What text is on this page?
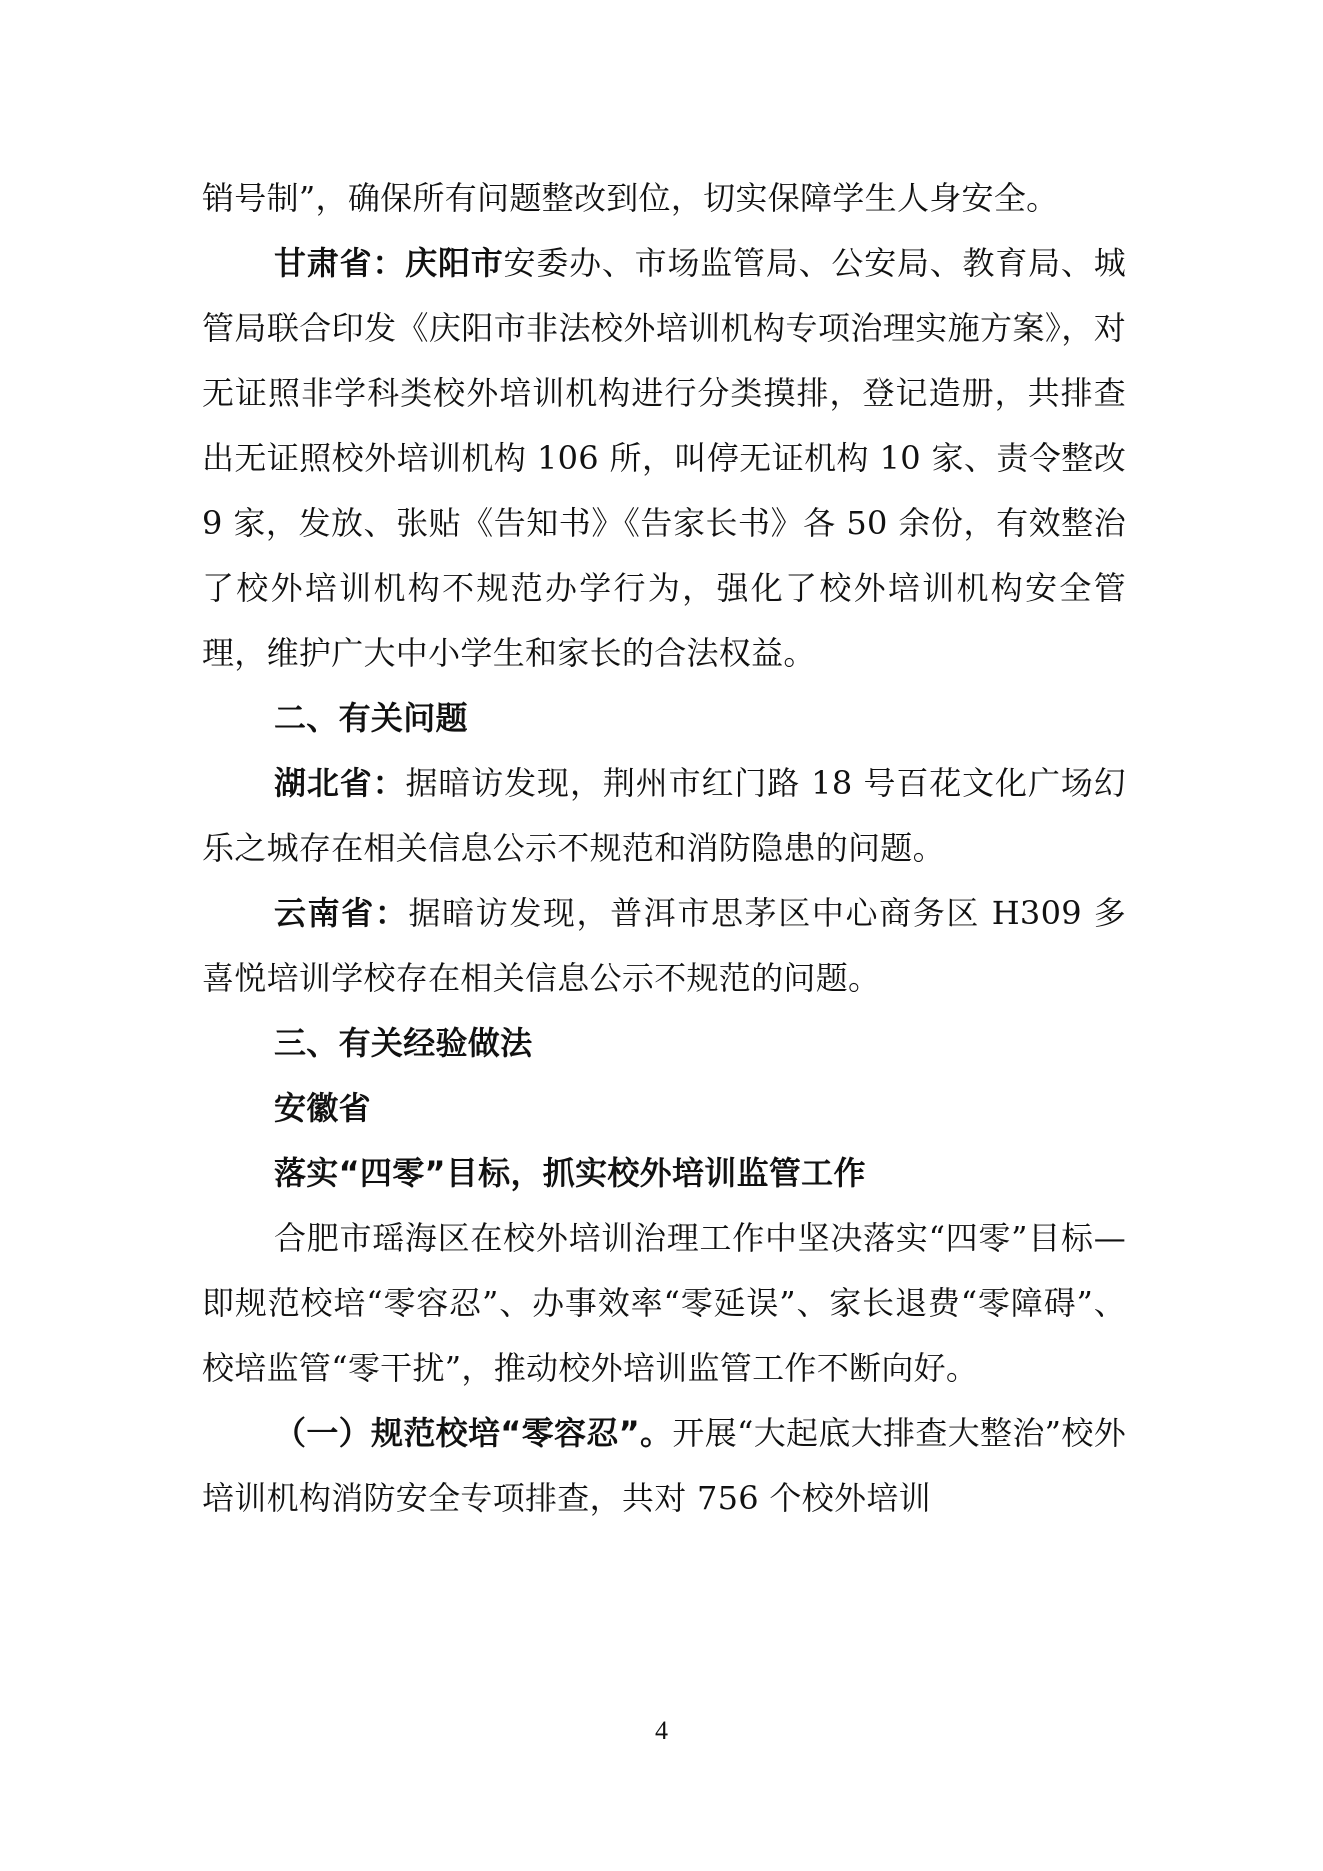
销号制”，确保所有问题整改到位，切实保障学生人身安全。

甘肃省：庆阳市安委办、市场监管局、公安局、教育局、城管局联合印发《庆阳市非法校外培训机构专项治理实施方案》，对无证照非学科类校外培训机构进行分类摸排，登记造册，共排查出无证照校外培训机构 106 所，叫停无证机构 10 家、责令整改 9 家，发放、张贴《告知书》《告家长书》各 50 余份，有效整治了校外培训机构不规范办学行为，强化了校外培训机构安全管理，维护广大中小学生和家长的合法权益。

二、有关问题

湖北省：据暗访发现，荆州市红门路 18 号百花文化广场幻乐之城存在相关信息公示不规范和消防隐患的问题。

云南省：据暗访发现，普洱市思茅区中心商务区 H309 多喜悦培训学校存在相关信息公示不规范的问题。

三、有关经验做法

安徽省

落实“四零”目标，抓实校外培训监管工作

合肥市瑶海区在校外培训治理工作中坚决落实“四零”目标—即规范校培“零容忍”、办事效率“零延误”、家长退费“零障碍”、校培监管“零干扰”，推动校外培训监管工作不断向好。

（一）规范校培“零容忍”。开展“大起底大排查大整治”校外培训机构消防安全专项排查，共对 756 个校外培训

4
